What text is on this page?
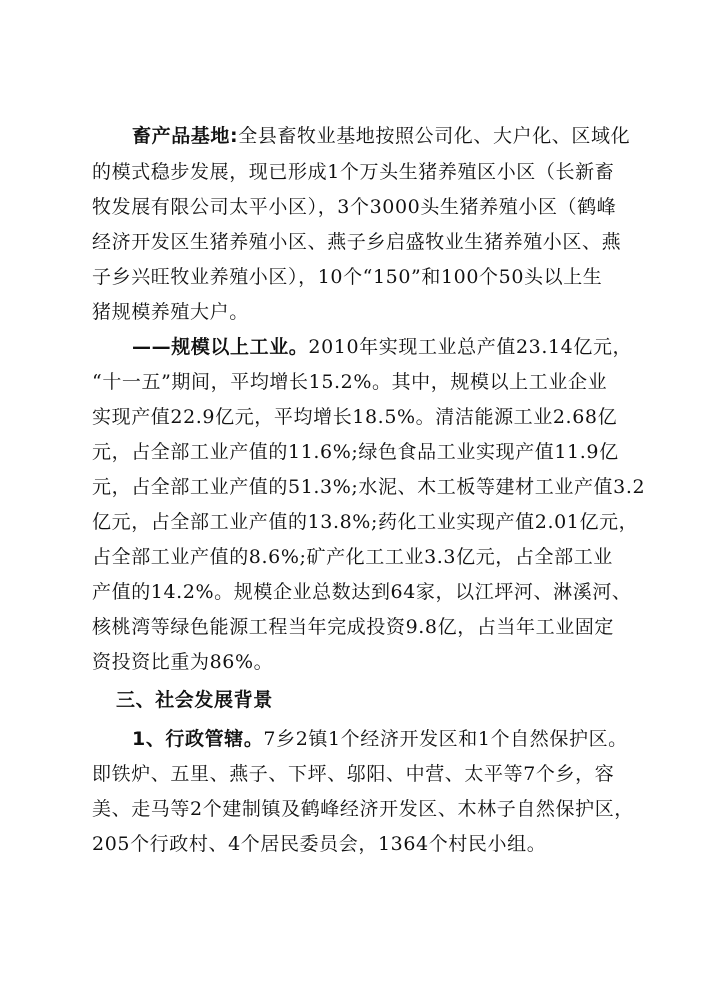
畜产品基地:全县畜牧业基地按照公司化、大户化、区域化
的模式稳步发展，现已形成1个万头生猪养殖区小区（长新畜
牧发展有限公司太平小区），3个3000头生猪养殖小区（鹤峰
经济开发区生猪养殖小区、燕子乡启盛牧业生猪养殖小区、燕
子乡兴旺牧业养殖小区），10个“150”和100个50头以上生
猪规模养殖大户。
——规模以上工业。2010年实现工业总产值23.14亿元，
“十一五”期间，平均增长15.2%。其中，规模以上工业企业
实现产值22.9亿元，平均增长18.5%。清洁能源工业2.68亿
元，占全部工业产值的11.6%;绿色食品工业实现产值11.9亿
元，占全部工业产值的51.3%;水泥、木工板等建材工业产值3.2
亿元，占全部工业产值的13.8%;药化工业实现产值2.01亿元，
占全部工业产值的8.6%;矿产化工工业3.3亿元，占全部工业
产值的14.2%。规模企业总数达到64家，以江坪河、淋溪河、
核桃湾等绿色能源工程当年完成投资9.8亿，占当年工业固定
资投资比重为86%。
三、社会发展背景
1、行政管辖。7乡2镇1个经济开发区和1个自然保护区。
即铁炉、五里、燕子、下坪、邬阳、中营、太平等7个乡，容
美、走马等2个建制镇及鹤峰经济开发区、木林子自然保护区，
205个行政村、4个居民委员会，1364个村民小组。
